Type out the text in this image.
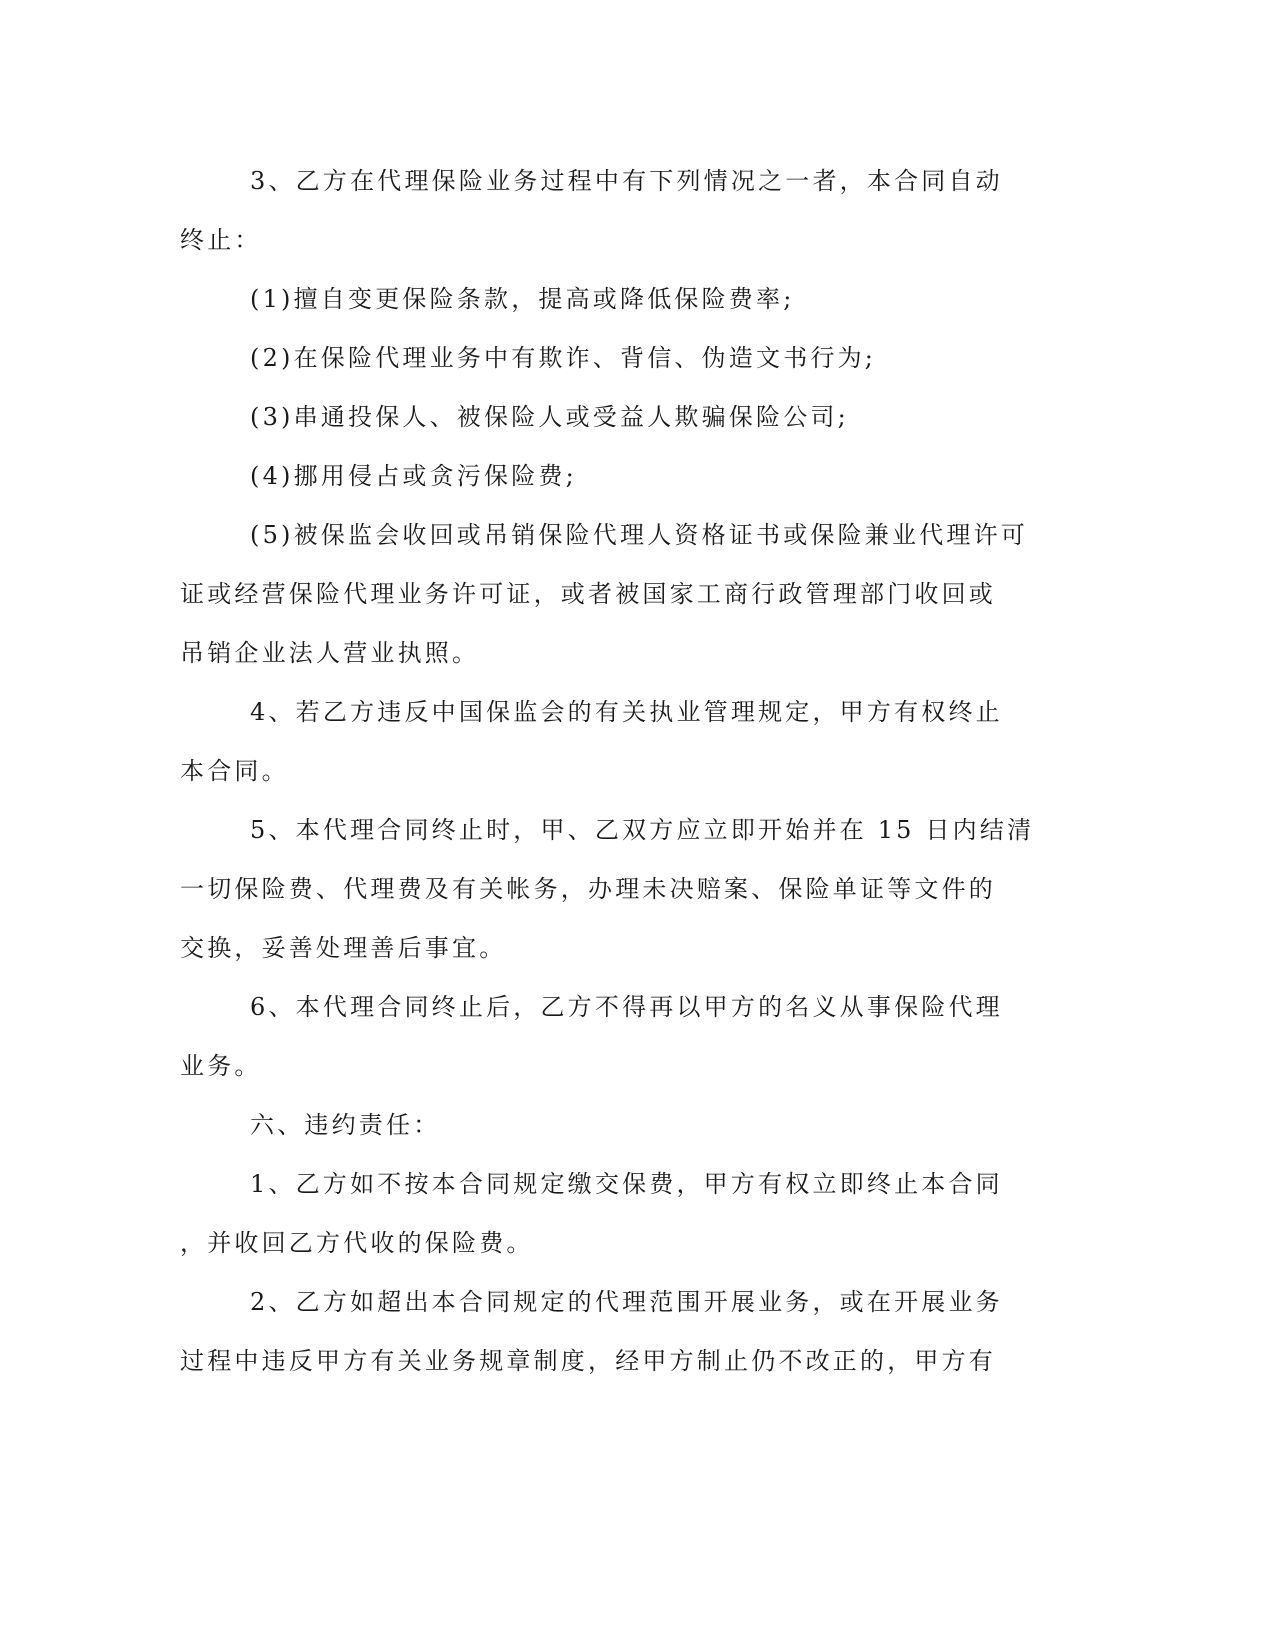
3、乙方在代理保险业务过程中有下列情况之一者，本合同自动
终止：
(1)擅自变更保险条款，提高或降低保险费率;
(2)在保险代理业务中有欺诈、背信、伪造文书行为;
(3)串通投保人、被保险人或受益人欺骗保险公司;
(4)挪用侵占或贪污保险费;
(5)被保监会收回或吊销保险代理人资格证书或保险兼业代理许可
证或经营保险代理业务许可证，或者被国家工商行政管理部门收回或
吊销企业法人营业执照。
4、若乙方违反中国保监会的有关执业管理规定，甲方有权终止
本合同。
5、本代理合同终止时，甲、乙双方应立即开始并在 15 日内结清
一切保险费、代理费及有关帐务，办理未决赔案、保险单证等文件的
交换，妥善处理善后事宜。
6、本代理合同终止后，乙方不得再以甲方的名义从事保险代理
业务。
六、违约责任：
1、乙方如不按本合同规定缴交保费，甲方有权立即终止本合同
，并收回乙方代收的保险费。
2、乙方如超出本合同规定的代理范围开展业务，或在开展业务
过程中违反甲方有关业务规章制度，经甲方制止仍不改正的，甲方有
